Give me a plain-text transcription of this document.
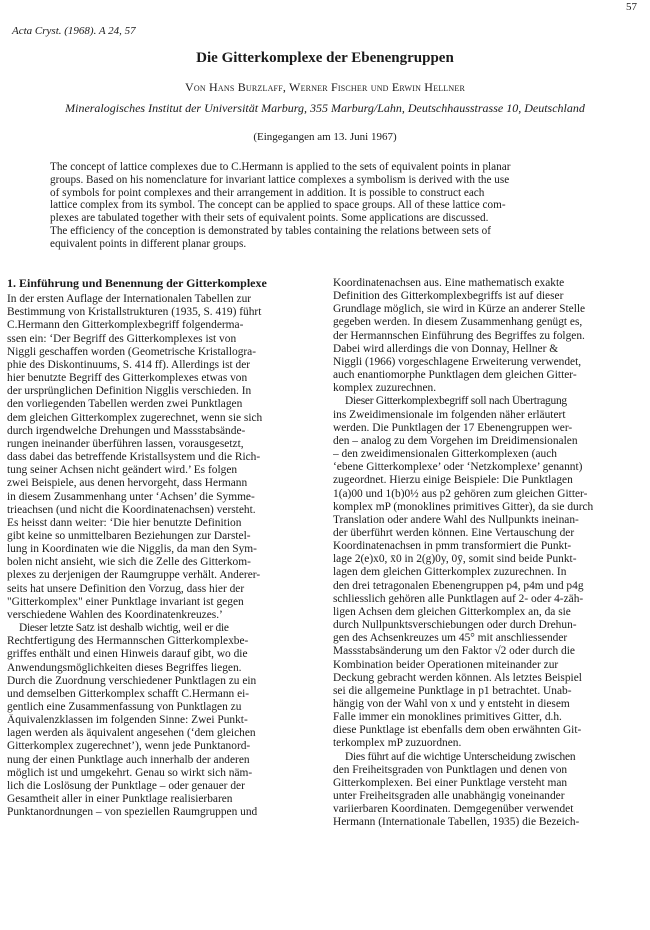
57
Acta Cryst. (1968). A 24, 57
Die Gitterkomplexe der Ebenengruppen
Von Hans Burzlaff, Werner Fischer und Erwin Hellner
Mineralogisches Institut der Universität Marburg, 355 Marburg/Lahn, Deutschhausstrasse 10, Deutschland
(Eingegangen am 13. Juni 1967)
The concept of lattice complexes due to C.Hermann is applied to the sets of equivalent points in planar
groups. Based on his nomenclature for invariant lattice complexes a symbolism is derived with the use
of symbols for point complexes and their arrangement in addition. It is possible to construct each
lattice complex from its symbol. The concept can be applied to space groups. All of these lattice com-
plexes are tabulated together with their sets of equivalent points. Some applications are discussed.
The efficiency of the conception is demonstrated by tables containing the relations between sets of
equivalent points in different planar groups.
1. Einführung und Benennung der Gitterkomplexe
In der ersten Auflage der Internationalen Tabellen zur
Bestimmung von Kristallstrukturen (1935, S. 419) führt
C.Hermann den Gitterkomplexbegriff folgenderma-
ssen ein: ‘Der Begriff des Gitterkomplexes ist von
Niggli geschaffen worden (Geometrische Kristallogra-
phie des Diskontinuums, S. 414 ff). Allerdings ist der
hier benutzte Begriff des Gitterkomplexes etwas von
der ursprünglichen Definition Nigglis verschieden. In
den vorliegenden Tabellen werden zwei Punktlagen
dem gleichen Gitterkomplex zugerechnet, wenn sie sich
durch irgendwelche Drehungen und Massstabsände-
rungen ineinander überführen lassen, vorausgesetzt,
dass dabei das betreffende Kristallsystem und die Rich-
tung seiner Achsen nicht geändert wird.’ Es folgen
zwei Beispiele, aus denen hervorgeht, dass Hermann
in diesem Zusammenhang unter ‘Achsen’ die Symme-
trieachsen (und nicht die Koordinatenachsen) versteht.
Es heisst dann weiter: ‘Die hier benutzte Definition
gibt keine so unmittelbaren Beziehungen zur Darstel-
lung in Koordinaten wie die Nigglis, da man den Sym-
bolen nicht ansieht, wie sich die Zelle des Gitterkom-
plexes zu derjenigen der Raumgruppe verhält. Anderer-
seits hat unsere Definition den Vorzug, dass hier der
"Gitterkomplex" einer Punktlage invariant ist gegen
verschiedene Wahlen des Koordinatenkreuzes.’
Dieser letzte Satz ist deshalb wichtig, weil er die
Rechtfertigung des Hermannschen Gitterkomplexbe-
griffes enthält und einen Hinweis darauf gibt, wo die
Anwendungsmöglichkeiten dieses Begriffes liegen.
Durch die Zuordnung verschiedener Punktlagen zu ein
und demselben Gitterkomplex schafft C.Hermann ei-
gentlich eine Zusammenfassung von Punktlagen zu
Äquivalenzklassen im folgenden Sinne: Zwei Punkt-
lagen werden als äquivalent angesehen (‘dem gleichen
Gitterkomplex zugerechnet’), wenn jede Punktanord-
nung der einen Punktlage auch innerhalb der anderen
möglich ist und umgekehrt. Genau so wirkt sich näm-
lich die Loslösung der Punktlage – oder genauer der
Gesamtheit aller in einer Punktlage realisierbaren
Punktanordnungen – von speziellen Raumgruppen und
Koordinatenachsen aus. Eine mathematisch exakte
Definition des Gitterkomplexbegriffs ist auf dieser
Grundlage möglich, sie wird in Kürze an anderer Stelle
gegeben werden. In diesem Zusammenhang genügt es,
der Hermannschen Einführung des Begriffes zu folgen.
Dabei wird allerdings die von Donnay, Hellner &
Niggli (1966) vorgeschlagene Erweiterung verwendet,
auch enantiomorphe Punktlagen dem gleichen Gitter-
komplex zuzurechnen.
Dieser Gitterkomplexbegriff soll nach Übertragung
ins Zweidimensionale im folgenden näher erläutert
werden. Die Punktlagen der 17 Ebenengruppen wer-
den – analog zu dem Vorgehen im Dreidimensionalen
– den zweidimensionalen Gitterkomplexen (auch
‘ebene Gitterkomplexe’ oder ‘Netzkomplexe’ genannt)
zugeordnet. Hierzu einige Beispiele: Die Punktlagen
1(a)00 und 1(b)0½ aus p2 gehören zum gleichen Gitter-
komplex mP (monoklines primitives Gitter), da sie durch
Translation oder andere Wahl des Nullpunkts ineinan-
der überführt werden können. Eine Vertauschung der
Koordinatenachsen in pmm transformiert die Punkt-
lage 2(e)x0, x̄0 in 2(g)0y, 0ȳ, somit sind beide Punkt-
lagen dem gleichen Gitterkomplex zuzurechnen. In
den drei tetragonalen Ebenengruppen p4, p4m und p4g
schliesslich gehören alle Punktlagen auf 2- oder 4-zäh-
ligen Achsen dem gleichen Gitterkomplex an, da sie
durch Nullpunktsverschiebungen oder durch Drehun-
gen des Achsenkreuzes um 45° mit anschliessender
Massstabsänderung um den Faktor √2 oder durch die
Kombination beider Operationen miteinander zur
Deckung gebracht werden können. Als letztes Beispiel
sei die allgemeine Punktlage in p1 betrachtet. Unab-
hängig von der Wahl von x und y entsteht in diesem
Falle immer ein monoklines primitives Gitter, d.h.
diese Punktlage ist ebenfalls dem oben erwähnten Git-
terkomplex mP zuzuordnen.
Dies führt auf die wichtige Unterscheidung zwischen
den Freiheitsgraden von Punktlagen und denen von
Gitterkomplexen. Bei einer Punktlage versteht man
unter Freiheitsgraden alle unabhängig voneinander
variierbaren Koordinaten. Demgegenüber verwendet
Hermann (Internationale Tabellen, 1935) die Bezeich-
